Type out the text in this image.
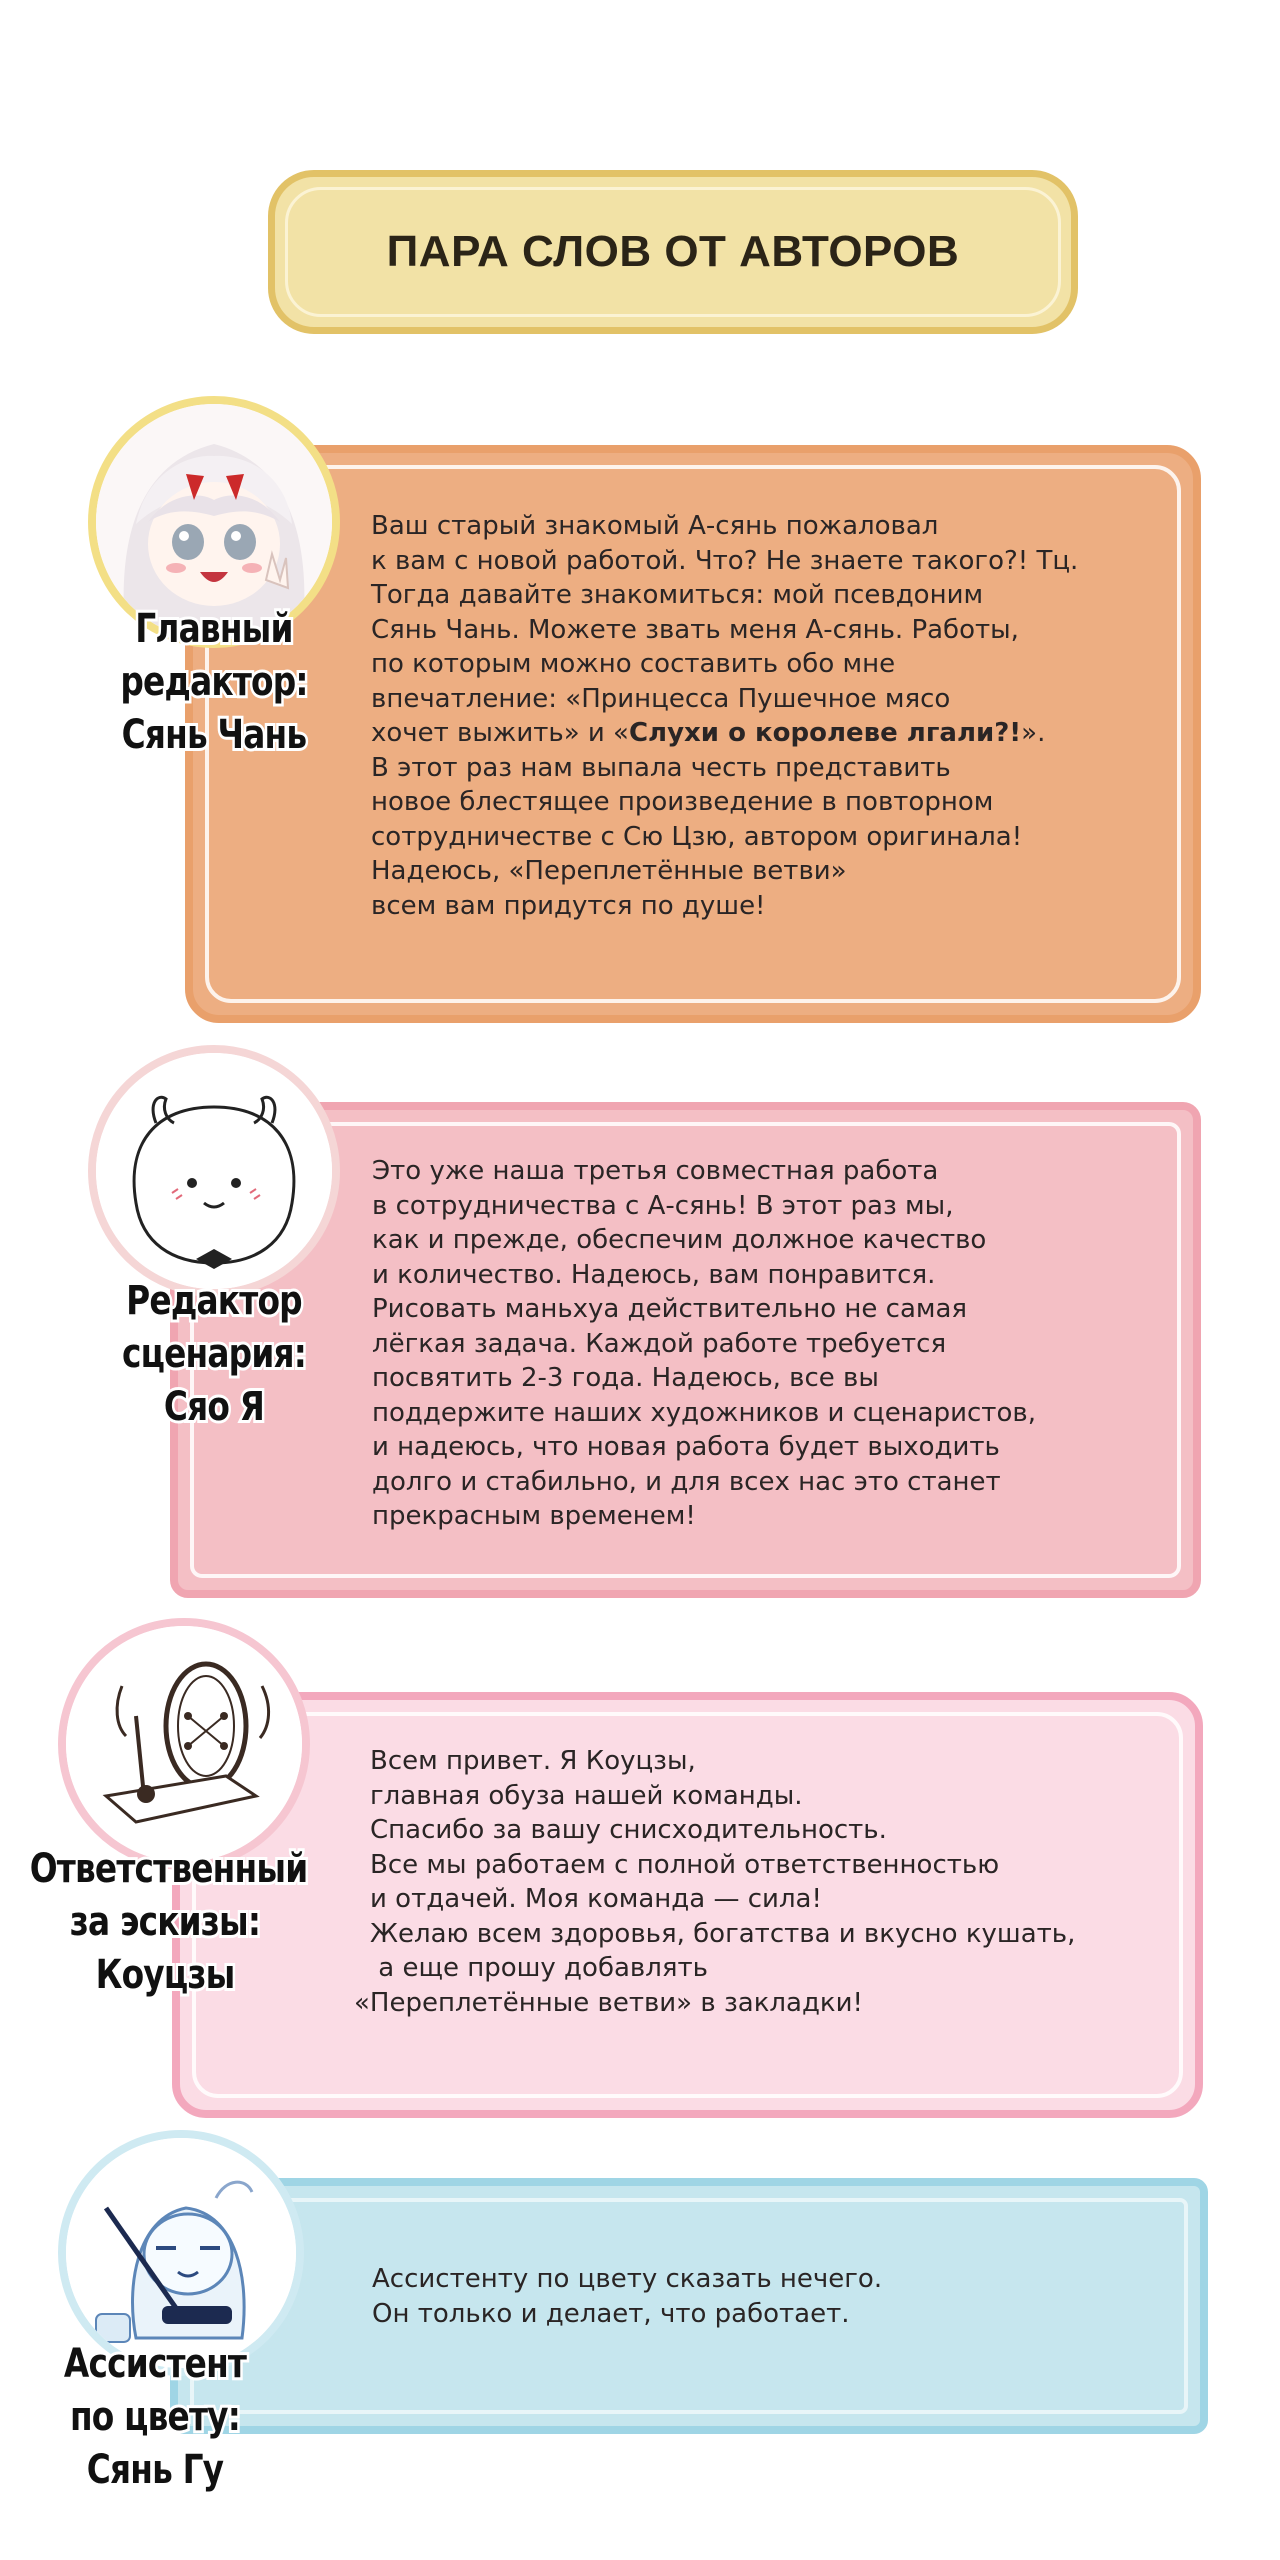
ПАРА СЛОВ ОТ АВТОРОВ

Ваш старый знакомый А-сянь пожаловал

к вам с новой работой. Что? Не знаете такого?! Тц.

Тогда давайте знакомиться: мой псевдоним

Сянь Чань. Можете звать меня А-сянь. Работы,

по которым можно составить обо мне

впечатление: «Принцесса Пушечное мясо

хочет выжить» и «Слухи о королеве лгали?!».

В этот раз нам выпала честь представить

новое блестящее произведение в повторном

сотрудничестве с Сю Цзю, автором оригинала!

Надеюсь, «Переплетённые ветви»

всем вам придутся по душе!

Это уже наша третья совместная работа

в сотрудничества с А-сянь! В этот раз мы,

как и прежде, обеспечим должное качество

и количество. Надеюсь, вам понравится.

Рисовать маньхуа действительно не самая

лёгкая задача. Каждой работе требуется

посвятить 2-3 года. Надеюсь, все вы

поддержите наших художников и сценаристов,

и надеюсь, что новая работа будет выходить

долго и стабильно, и для всех нас это станет

прекрасным временем!

Всем привет. Я Коуцзы,

главная обуза нашей команды.

Спасибо за вашу снисходительность.

Все мы работаем с полной ответственностью

и отдачей. Моя команда — сила!

Желаю всем здоровья, богатства и вкусно кушать,

а еще прошу добавлять

«Переплетённые ветви» в закладки!

Ассистенту по цвету сказать нечего.

Он только и делает, что работает.

Главный
редактор:
Сянь Чань
Редактор
сценария:
Сяо Я
Ответственный
за эскизы:
Коуцзы
Ассистент
по цвету:
Сянь Гу
